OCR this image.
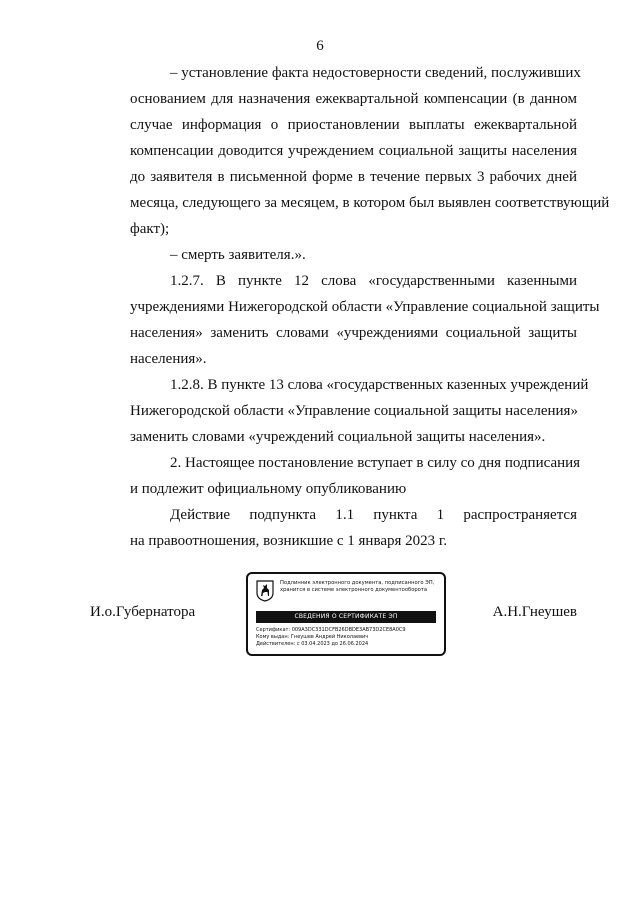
6
– установление факта недостоверности сведений, послуживших
основанием для назначения ежеквартальной компенсации (в данном
случае информация о приостановлении выплаты ежеквартальной
компенсации доводится учреждением социальной защиты населения
до заявителя в письменной форме в течение первых 3 рабочих дней
месяца, следующего за месяцем, в котором был выявлен соответствующий
факт);
– смерть заявителя.».
1.2.7. В пункте 12 слова «государственными казенными
учреждениями Нижегородской области «Управление социальной защиты
населения» заменить словами «учреждениями социальной защиты
населения».
1.2.8. В пункте 13 слова «государственных казенных учреждений
Нижегородской области «Управление социальной защиты населения»
заменить словами «учреждений социальной защиты населения».
2. Настоящее постановление вступает в силу со дня подписания
и подлежит официальному опубликованию
Действие подпункта 1.1 пункта 1 распространяется
на правоотношения, возникшие с 1 января 2023 г.
И.о.Губернатора	А.Н.Гнеушев
Подлинник электронного документа, подписанного ЭП,
хранится в системе электронного документооборота
СВЕДЕНИЯ О СЕРТИФИКАТЕ ЭП
Сертификат: 009A3DC331DCFB26DBDE3AB73D2CE8A0C9
Кому выдан: Гнеушев Андрей Николаевич
Действителен: с 03.04.2023 до 26.06.2024
